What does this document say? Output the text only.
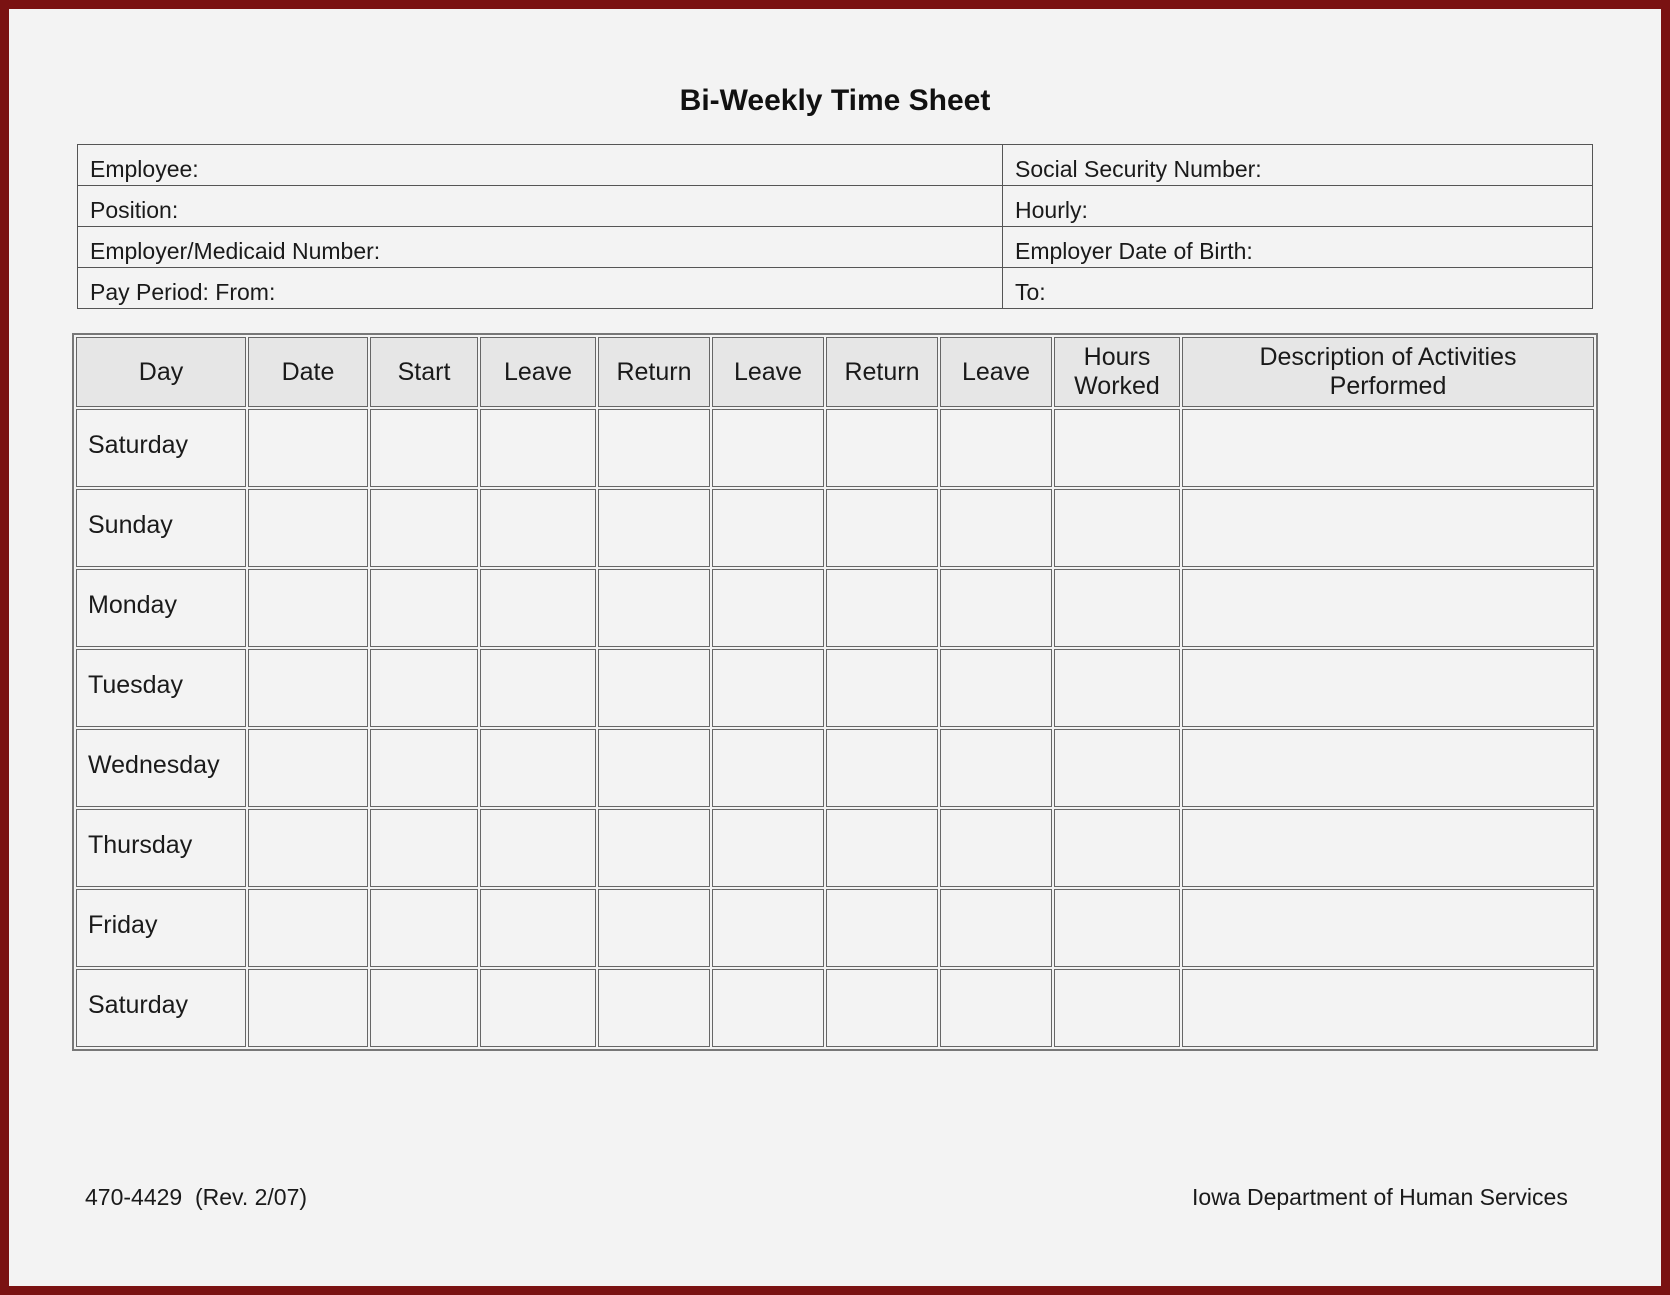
Bi-Weekly Time Sheet
Employee:	Social Security Number:
Position:	Hourly:
Employer/Medicaid Number:	Employer Date of Birth:
Pay Period: From:	To:
Day	Date	Start	Leave	Return	Leave	Return	Leave	Hours Worked	Description of Activities Performed
Saturday									
Sunday									
Monday									
Tuesday									
Wednesday									
Thursday									
Friday									
Saturday									
470-4429  (Rev. 2/07)	Iowa Department of Human Services
